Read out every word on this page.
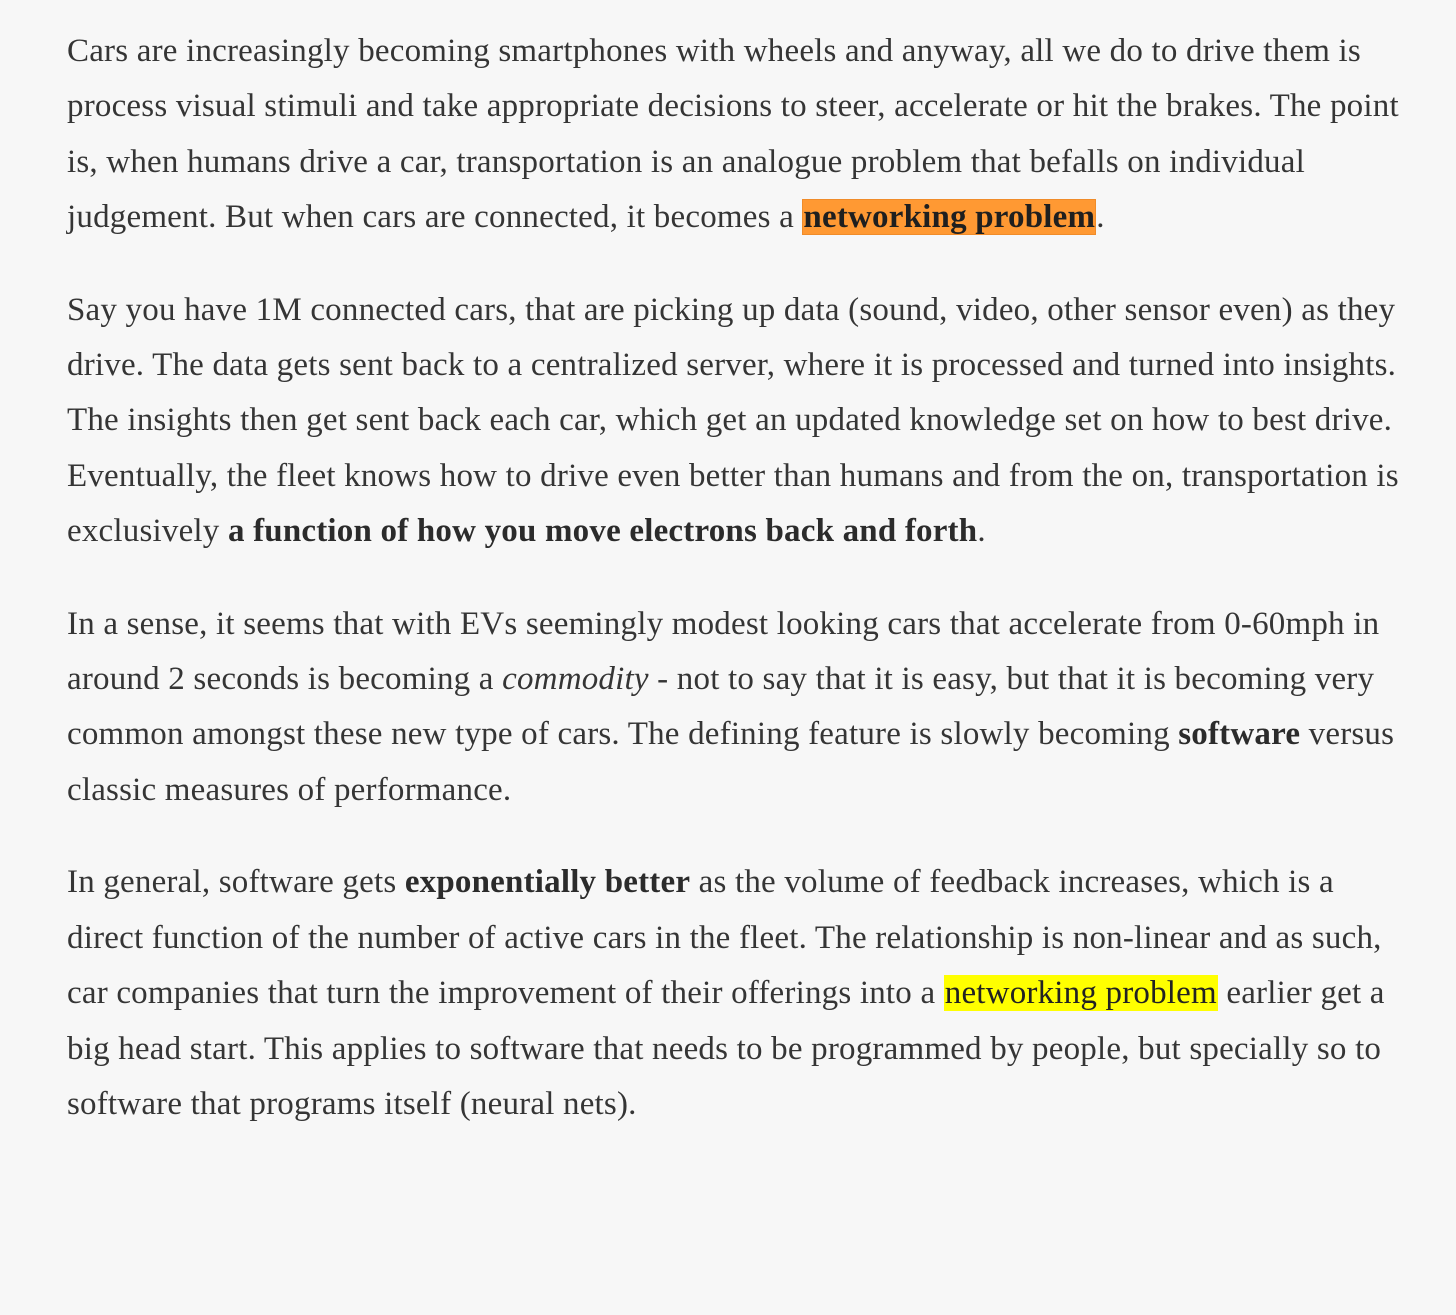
Cars are increasingly becoming smartphones with wheels and anyway, all we do to drive them is process visual stimuli and take appropriate decisions to steer, accelerate or hit the brakes. The point is, when humans drive a car, transportation is an analogue problem that befalls on individual judgement. But when cars are connected, it becomes a networking problem.

Say you have 1M connected cars, that are picking up data (sound, video, other sensor even) as they drive. The data gets sent back to a centralized server, where it is processed and turned into insights. The insights then get sent back each car, which get an updated knowledge set on how to best drive. Eventually, the fleet knows how to drive even better than humans and from the on, transportation is exclusively a function of how you move electrons back and forth.

In a sense, it seems that with EVs seemingly modest looking cars that accelerate from 0-60mph in around 2 seconds is becoming a commodity - not to say that it is easy, but that it is becoming very common amongst these new type of cars. The defining feature is slowly becoming software versus classic measures of performance.

In general, software gets exponentially better as the volume of feedback increases, which is a direct function of the number of active cars in the fleet. The relationship is non-linear and as such, car companies that turn the improvement of their offerings into a networking problem earlier get a big head start. This applies to software that needs to be programmed by people, but specially so to software that programs itself (neural nets).
